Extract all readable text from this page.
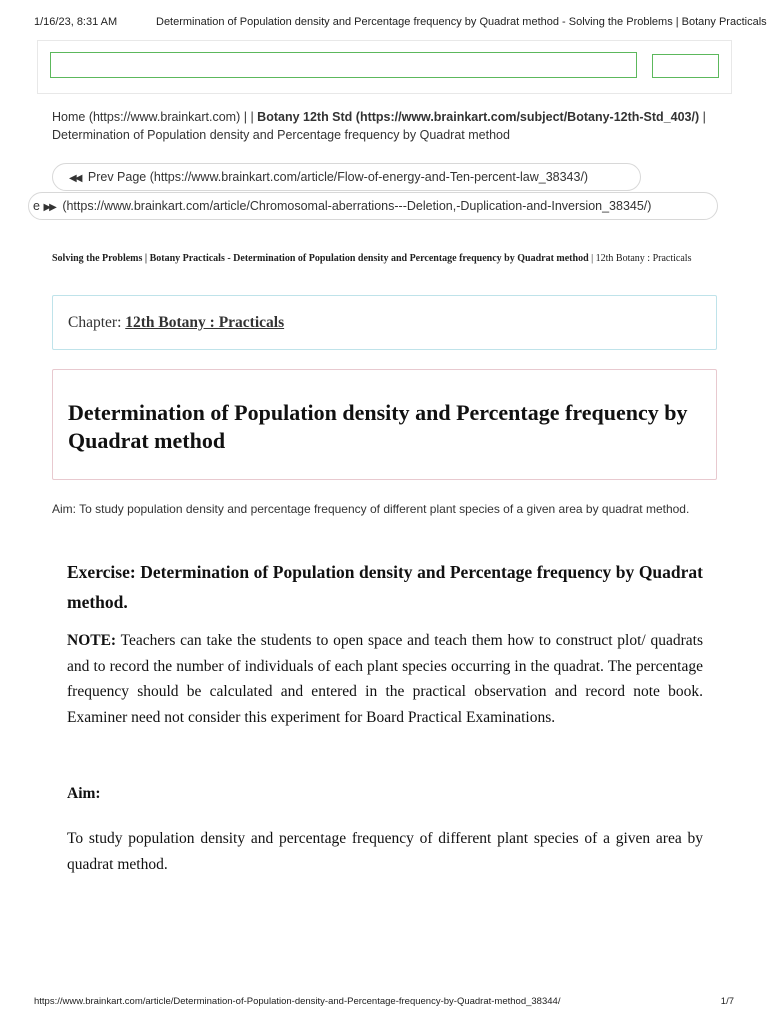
1/16/23, 8:31 AM	Determination of Population density and Percentage frequency by Quadrat method - Solving the Problems | Botany Practicals
Home (https://www.brainkart.com) | | Botany 12th Std (https://www.brainkart.com/subject/Botany-12th-Std_403/) | Determination of Population density and Percentage frequency by Quadrat method
◀◀ Prev Page (https://www.brainkart.com/article/Flow-of-energy-and-Ten-percent-law_38343/)
e ▶▶ (https://www.brainkart.com/article/Chromosomal-aberrations---Deletion,-Duplication-and-Inversion_38345/)
Solving the Problems | Botany Practicals - Determination of Population density and Percentage frequency by Quadrat method | 12th Botany : Practicals
Chapter: 12th Botany : Practicals
Determination of Population density and Percentage frequency by Quadrat method
Aim: To study population density and percentage frequency of different plant species of a given area by quadrat method.
Exercise: Determination of Population density and Percentage frequency by Quadrat method.
NOTE: Teachers can take the students to open space and teach them how to construct plot/ quadrats and to record the number of individuals of each plant species occurring in the quadrat. The percentage frequency should be calculated and entered in the practical observation and record note book. Examiner need not consider this experiment for Board Practical Examinations.
Aim:
To study population density and percentage frequency of different plant species of a given area by quadrat method.
https://www.brainkart.com/article/Determination-of-Population-density-and-Percentage-frequency-by-Quadrat-method_38344/	1/7
